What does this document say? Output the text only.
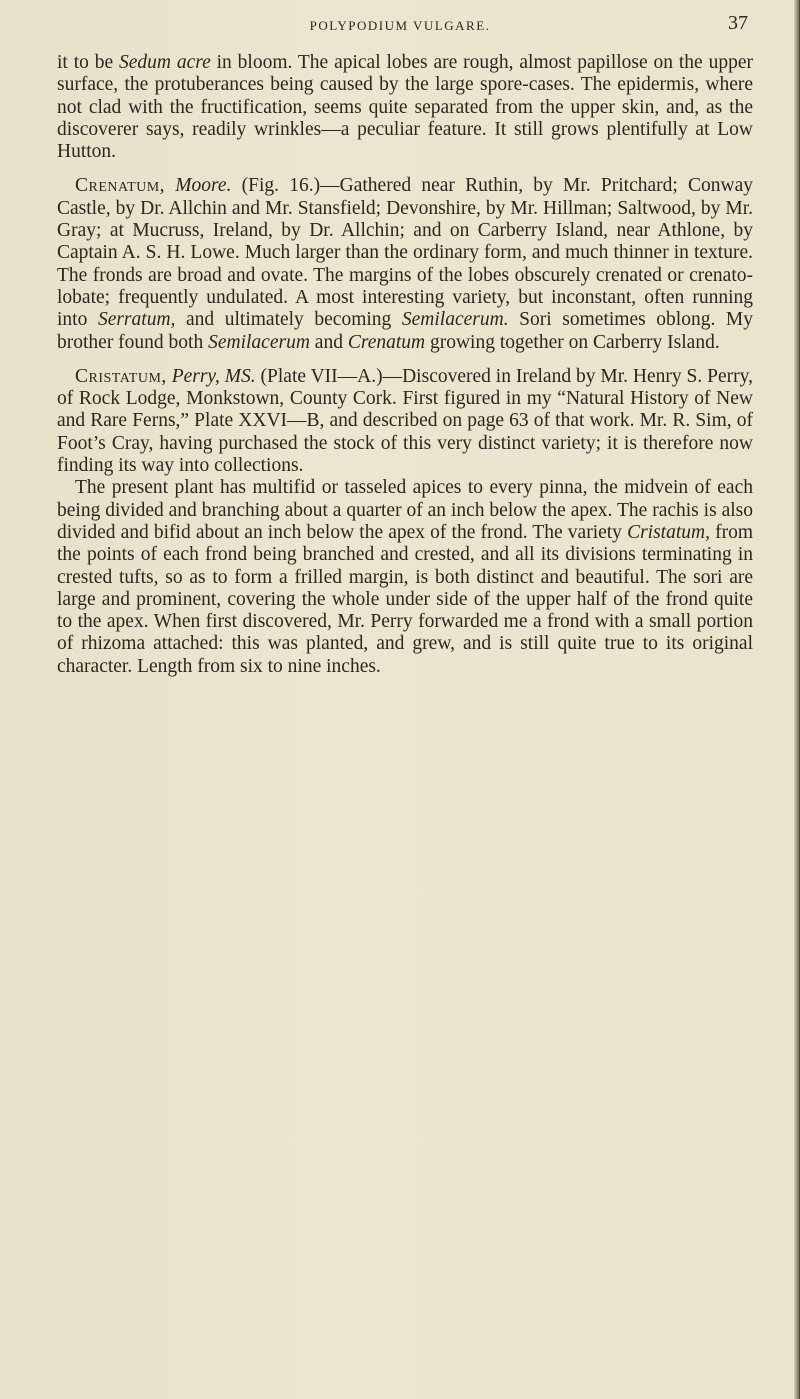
POLYPODIUM VULGARE.	37

it to be Sedum acre in bloom. The apical lobes are rough, almost papillose on the upper surface, the protuberances being caused by the large spore-cases. The epidermis, where not clad with the fructification, seems quite separated from the upper skin, and, as the discoverer says, readily wrinkles—a peculiar feature. It still grows plentifully at Low Hutton.

Crenatum, Moore. (Fig. 16.)—Gathered near Ruthin, by Mr. Pritchard; Conway Castle, by Dr. Allchin and Mr. Stansfield; Devonshire, by Mr. Hillman; Saltwood, by Mr. Gray; at Mucruss, Ireland, by Dr. Allchin; and on Carberry Island, near Athlone, by Captain A. S. H. Lowe. Much larger than the ordinary form, and much thinner in texture. The fronds are broad and ovate. The margins of the lobes obscurely crenated or crenato-lobate; frequently undulated. A most interesting variety, but inconstant, often running into Serratum, and ultimately becoming Semilacerum. Sori sometimes oblong. My brother found both Semilacerum and Crenatum growing together on Carberry Island.

Cristatum, Perry, MS. (Plate VII—A.)—Discovered in Ireland by Mr. Henry S. Perry, of Rock Lodge, Monkstown, County Cork. First figured in my “Natural History of New and Rare Ferns,” Plate XXVI—B, and described on page 63 of that work. Mr. R. Sim, of Foot’s Cray, having purchased the stock of this very distinct variety; it is therefore now finding its way into collections.

The present plant has multifid or tasseled apices to every pinna, the midvein of each being divided and branching about a quarter of an inch below the apex. The rachis is also divided and bifid about an inch below the apex of the frond. The variety Cristatum, from the points of each frond being branched and crested, and all its divisions terminating in crested tufts, so as to form a frilled margin, is both distinct and beautiful. The sori are large and prominent, covering the whole under side of the upper half of the frond quite to the apex. When first discovered, Mr. Perry forwarded me a frond with a small portion of rhizoma attached: this was planted, and grew, and is still quite true to its original character. Length from six to nine inches.
